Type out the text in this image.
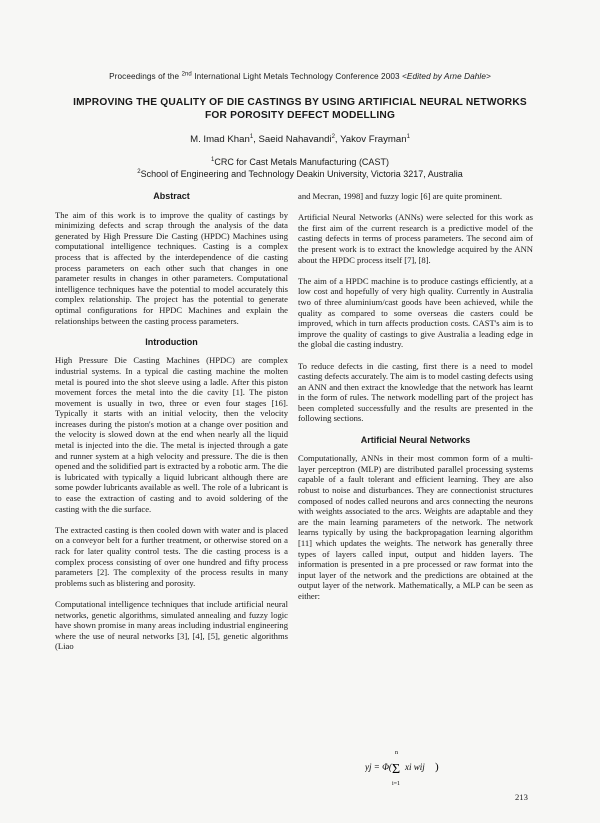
Proceedings of the $^{2nd}$ International Light Metals Technology Conference 2003 <Edited by Arne Dahle>
IMPROVING THE QUALITY OF DIE CASTINGS BY USING ARTIFICIAL NEURAL NETWORKS
FOR POROSITY DEFECT MODELLING
M. Imad Khan$^1$, Saeid Nahavandi$^2$, Yakov Frayman$^1$
$^1$CRC for Cast Metals Manufacturing (CAST)
$^2$School of Engineering and Technology Deakin University, Victoria 3217, Australia
Abstract

The aim of this work is to improve the quality of castings by minimizing defects and scrap through the analysis of the data generated by High Pressure Die Casting (HPDC) Machines using computational intelligence techniques. Casting is a complex process that is affected by the interdependence of die casting process parameters on each other such that changes in one parameter results in changes in other parameters. Computational intelligence techniques have the potential to model accurately this complex relationship. The project has the potential to generate optimal configurations for HPDC Machines and explain the relationships between the casting process parameters.

Introduction

High Pressure Die Casting Machines (HPDC) are complex industrial systems. In a typical die casting machine the molten metal is poured into the shot sleeve using a ladle. After this piston movement forces the metal into the die cavity [1]. The piston movement is usually in two, three or even four stages [16]. Typically it starts with an initial velocity, then the velocity increases during the piston's motion at a change over position and the velocity is slowed down at the end when nearly all the liquid metal is injected into the die. The metal is injected through a gate and runner system at a high velocity and pressure. The die is then opened and the solidified part is extracted by a robotic arm. The die is lubricated with typically a liquid lubricant although there are some powder lubricants available as well. The role of a lubricant is to ease the extraction of casting and to avoid soldering of the casting with the die surface.

The extracted casting is then cooled down with water and is placed on a conveyor belt for a further treatment, or otherwise stored on a rack for later quality control tests. The die casting process is a complex process consisting of over one hundred and fifty process parameters [2]. The complexity of the process results in many problems such as blistering and porosity.

Computational intelligence techniques that include artificial neural networks, genetic algorithms, simulated annealing and fuzzy logic have shown promise in many areas including industrial engineering where the use of neural networks [3], [4], [5], genetic algorithms (Liao

and Mecran, 1998] and fuzzy logic [6] are quite prominent.

Artificial Neural Networks (ANNs) were selected for this work as the first aim of the current research is a predictive model of the casting defects in terms of process parameters. The second aim of the present work is to extract the knowledge acquired by the ANN about the HPDC process itself [7], [8].

The aim of a HPDC machine is to produce castings efficiently, at a low cost and hopefully of very high quality. Currently in Australia two of three aluminium/cast goods have been achieved, while the quality as compared to some overseas die casters could be improved, which in turn affects production costs. CAST's aim is to improve the quality of castings to give Australia a leading edge in the global die casting industry.

To reduce defects in die casting, first there is a need to model casting defects accurately. The aim is to model casting defects using an ANN and then extract the knowledge that the network has learnt in the form of rules. The network modelling part of the project has been completed successfully and the results are presented in the following sections.

Artificial Neural Networks

Computationally, ANNs in their most common form of a multi-layer perceptron (MLP) are distributed parallel processing systems capable of a fault tolerant and efficient learning. They are also robust to noise and disturbances. They are connectionist structures composed of nodes called neurons and arcs connecting the neurons with weights associated to the arcs. Weights are adaptable and they are the main learning parameters of the network. The network learns typically by using the backpropagation learning algorithm [11] which updates the weights. The network has generally three types of layers called input, output and hidden layers. The information is presented in a pre processed or raw format into the input layer of the network and the predictions are obtained at the output layer of the network. Mathematically, a MLP can be seen as either:

yj = Φ(
n
Σ
i=1
xi wij )
213
